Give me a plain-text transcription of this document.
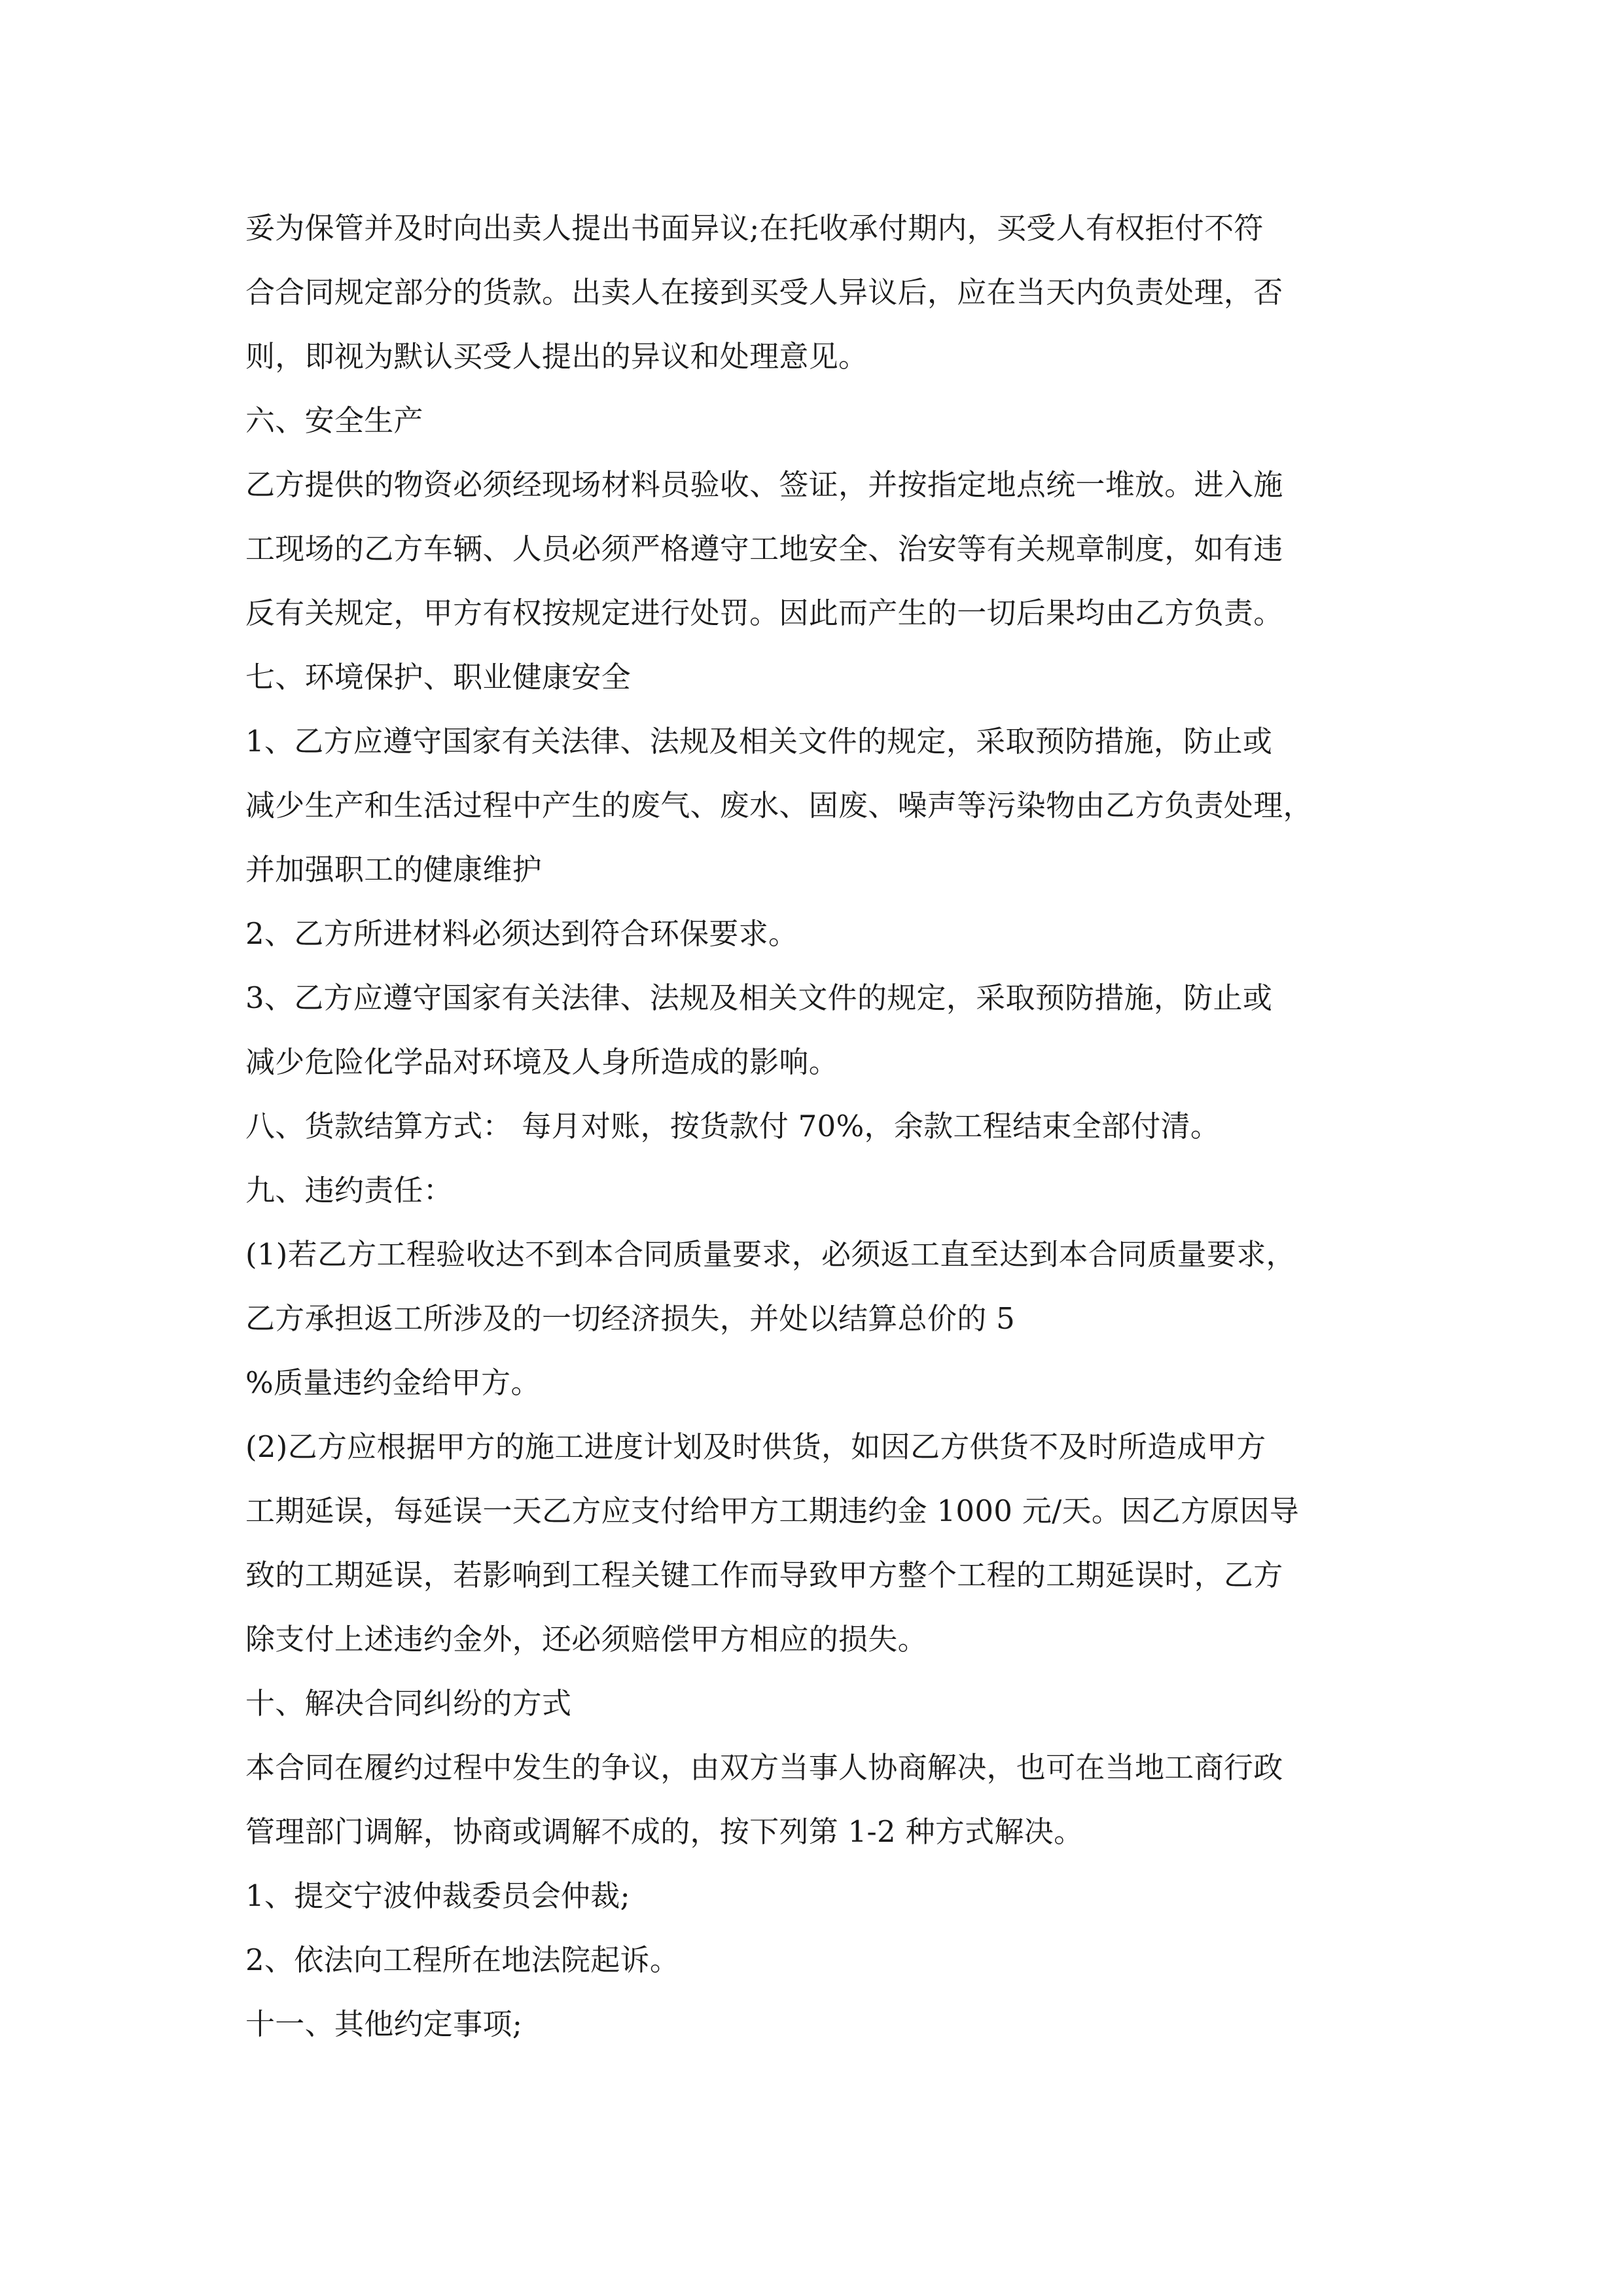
妥为保管并及时向出卖人提出书面异议;在托收承付期内，买受人有权拒付不符
合合同规定部分的货款。出卖人在接到买受人异议后，应在当天内负责处理，否
则，即视为默认买受人提出的异议和处理意见。
六、安全生产
乙方提供的物资必须经现场材料员验收、签证，并按指定地点统一堆放。进入施
工现场的乙方车辆、人员必须严格遵守工地安全、治安等有关规章制度，如有违
反有关规定，甲方有权按规定进行处罚。因此而产生的一切后果均由乙方负责。
七、环境保护、职业健康安全
1、乙方应遵守国家有关法律、法规及相关文件的规定，采取预防措施，防止或
减少生产和生活过程中产生的废气、废水、固废、噪声等污染物由乙方负责处理，
并加强职工的健康维护
2、乙方所进材料必须达到符合环保要求。
3、乙方应遵守国家有关法律、法规及相关文件的规定，采取预防措施，防止或
减少危险化学品对环境及人身所造成的影响。
八、货款结算方式： 每月对账，按货款付 70%，余款工程结束全部付清。
九、违约责任：
(1)若乙方工程验收达不到本合同质量要求，必须返工直至达到本合同质量要求，
乙方承担返工所涉及的一切经济损失，并处以结算总价的 5
%质量违约金给甲方。
(2)乙方应根据甲方的施工进度计划及时供货，如因乙方供货不及时所造成甲方
工期延误，每延误一天乙方应支付给甲方工期违约金 1000 元/天。因乙方原因导
致的工期延误，若影响到工程关键工作而导致甲方整个工程的工期延误时，乙方
除支付上述违约金外，还必须赔偿甲方相应的损失。
十、解决合同纠纷的方式
本合同在履约过程中发生的争议，由双方当事人协商解决，也可在当地工商行政
管理部门调解，协商或调解不成的，按下列第 1-2 种方式解决。
1、提交宁波仲裁委员会仲裁;
2、依法向工程所在地法院起诉。
十一、其他约定事项;
